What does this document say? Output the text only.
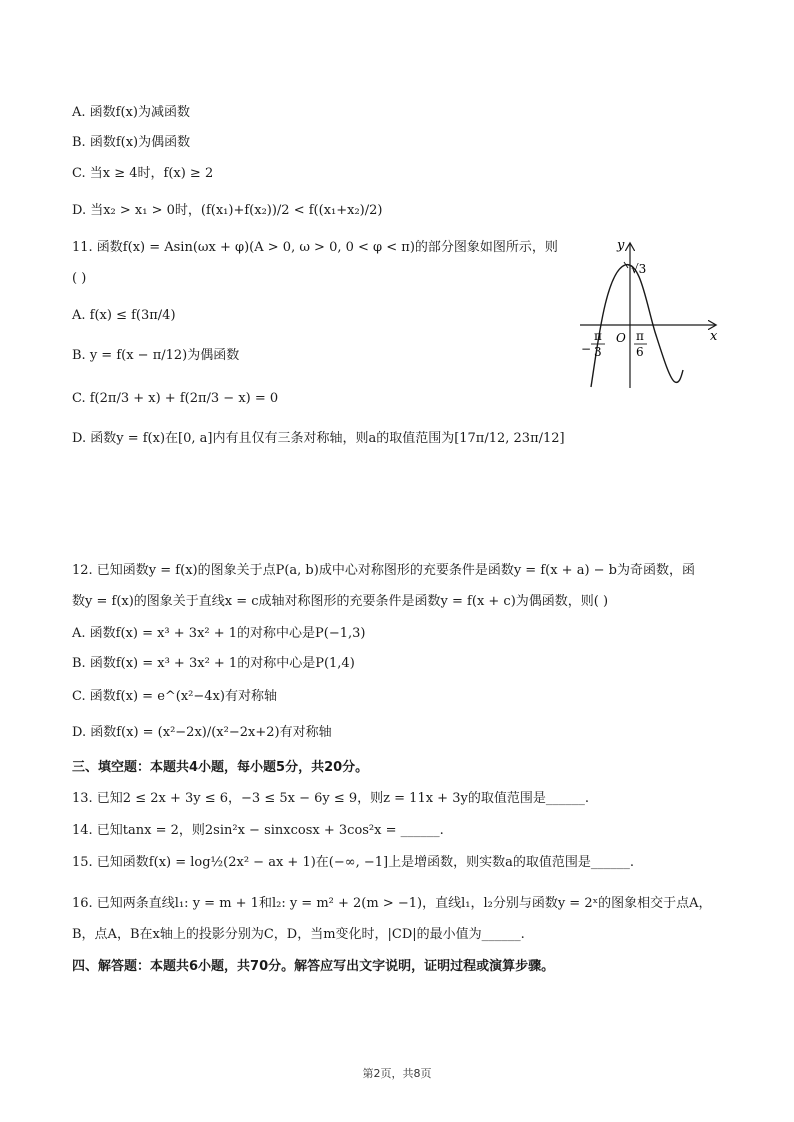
A. 函数f(x)为减函数
B. 函数f(x)为偶函数
C. 当x ≥ 4时，f(x) ≥ 2
D. 当x₂ > x₁ > 0时，(f(x₁)+f(x₂))/2 < f((x₁+x₂)/2)
11. 函数f(x) = Asin(ωx + φ)(A > 0, ω > 0, 0 < φ < π)的部分图象如图所示，则
( )
A. f(x) ≤ f(3π/4)
B. y = f(x − π/12)为偶函数
C. f(2π/3 + x) + f(2π/3 − x) = 0
D. 函数y = f(x)在[0, a]内有且仅有三条对称轴，则a的取值范围为[17π/12, 23π/12]
y
x
O
√3
−
π
3
π
6
12. 已知函数y = f(x)的图象关于点P(a, b)成中心对称图形的充要条件是函数y = f(x + a) − b为奇函数，函
数y = f(x)的图象关于直线x = c成轴对称图形的充要条件是函数y = f(x + c)为偶函数，则( )
A. 函数f(x) = x³ + 3x² + 1的对称中心是P(−1,3)
B. 函数f(x) = x³ + 3x² + 1的对称中心是P(1,4)
C. 函数f(x) = e^(x²−4x)有对称轴
D. 函数f(x) = (x²−2x)/(x²−2x+2)有对称轴
三、填空题：本题共4小题，每小题5分，共20分。
13. 已知2 ≤ 2x + 3y ≤ 6，−3 ≤ 5x − 6y ≤ 9，则z = 11x + 3y的取值范围是______.
14. 已知tanx = 2，则2sin²x − sinxcosx + 3cos²x = ______.
15. 已知函数f(x) = log½(2x² − ax + 1)在(−∞, −1]上是增函数，则实数a的取值范围是______.
16. 已知两条直线l₁: y = m + 1和l₂: y = m² + 2(m > −1)，直线l₁，l₂分别与函数y = 2ˣ的图象相交于点A，
B，点A，B在x轴上的投影分别为C，D，当m变化时，|CD|的最小值为______.
四、解答题：本题共6小题，共70分。解答应写出文字说明，证明过程或演算步骤。
第2页，共8页
